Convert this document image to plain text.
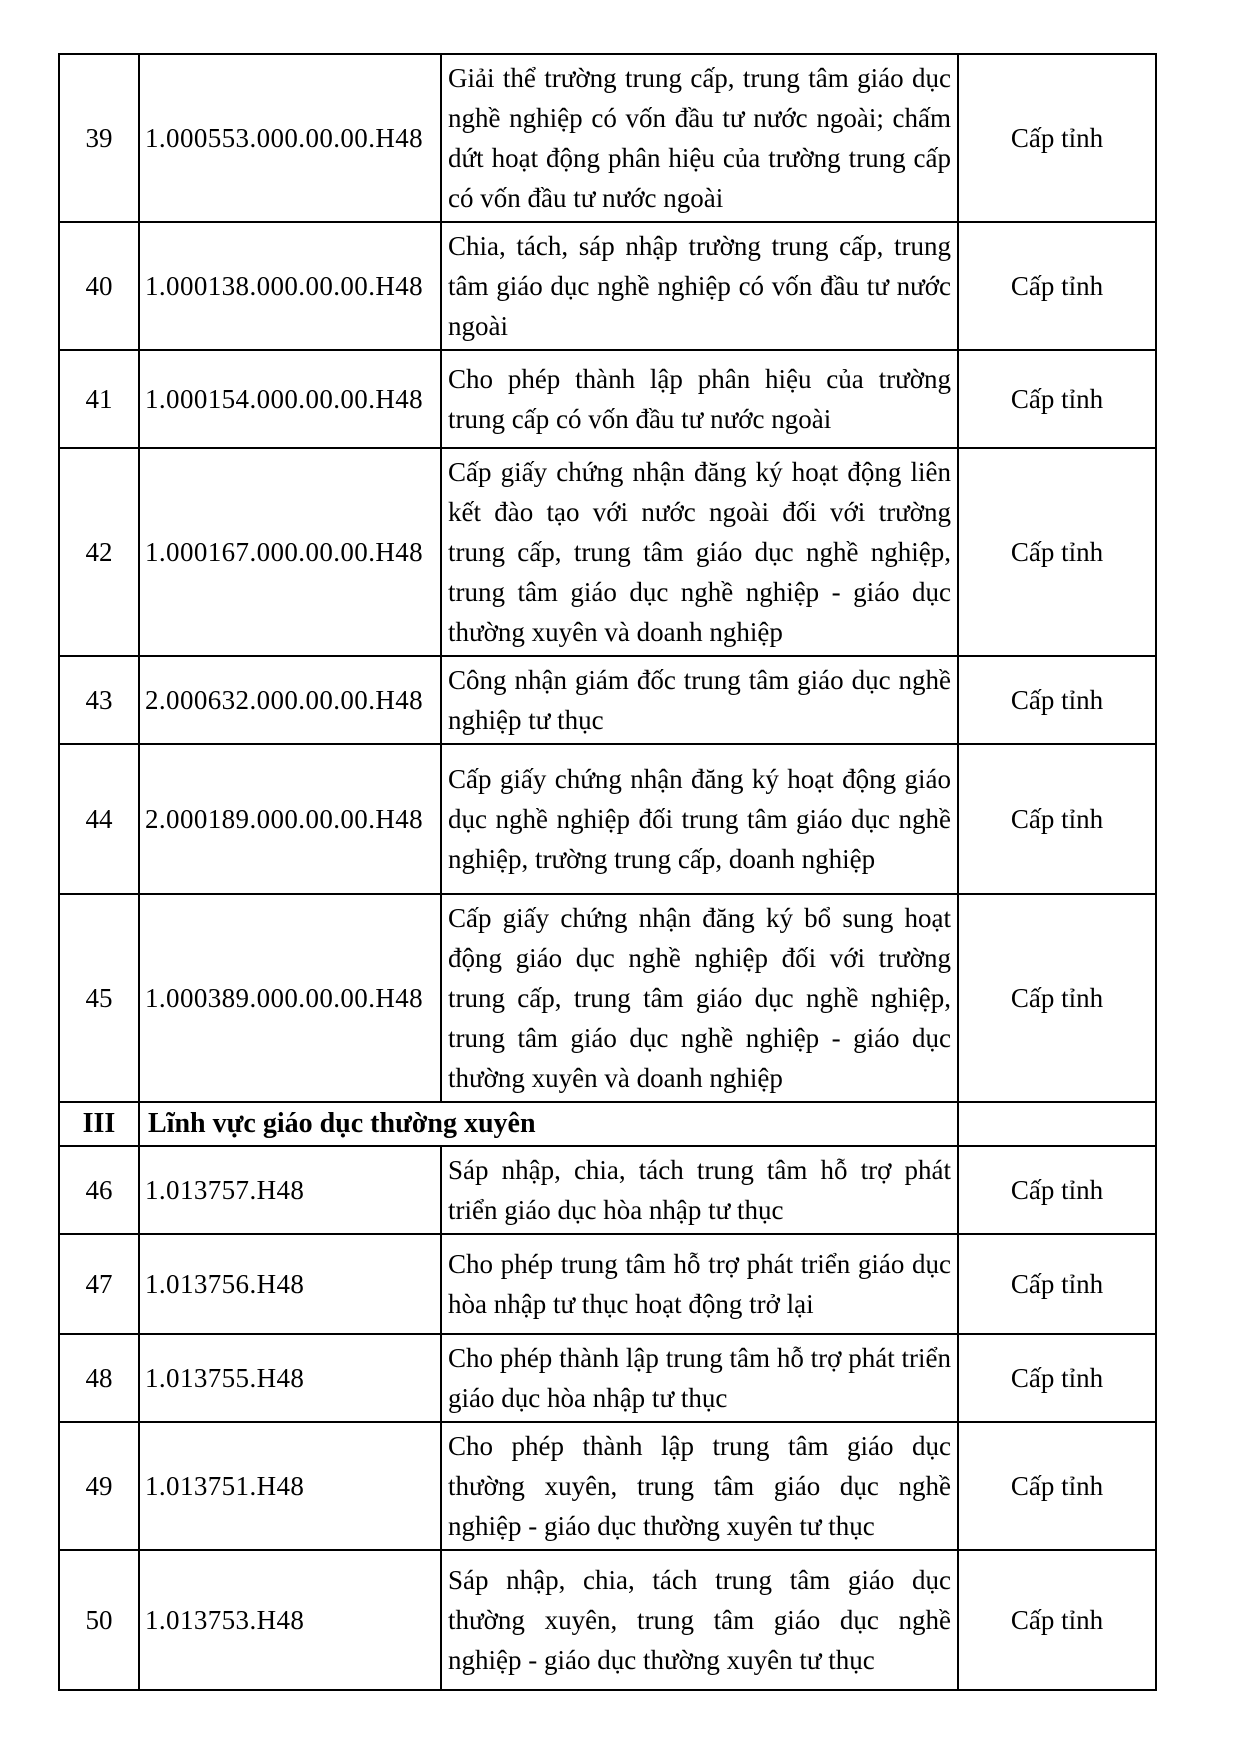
39	1.000553.000.00.00.H48	Giải thể trường trung cấp, trung tâm giáo dục nghề nghiệp có vốn đầu tư nước ngoài; chấm dứt hoạt động phân hiệu của trường trung cấp có vốn đầu tư nước ngoài	Cấp tỉnh
40	1.000138.000.00.00.H48	Chia, tách, sáp nhập trường trung cấp, trung tâm giáo dục nghề nghiệp có vốn đầu tư nước ngoài	Cấp tỉnh
41	1.000154.000.00.00.H48	Cho phép thành lập phân hiệu của trường trung cấp có vốn đầu tư nước ngoài	Cấp tỉnh
42	1.000167.000.00.00.H48	Cấp giấy chứng nhận đăng ký hoạt động liên kết đào tạo với nước ngoài đối với trường trung cấp, trung tâm giáo dục nghề nghiệp, trung tâm giáo dục nghề nghiệp - giáo dục thường xuyên và doanh nghiệp	Cấp tỉnh
43	2.000632.000.00.00.H48	Công nhận giám đốc trung tâm giáo dục nghề nghiệp tư thục	Cấp tỉnh
44	2.000189.000.00.00.H48	Cấp giấy chứng nhận đăng ký hoạt động giáo dục nghề nghiệp đối trung tâm giáo dục nghề nghiệp, trường trung cấp, doanh nghiệp	Cấp tỉnh
45	1.000389.000.00.00.H48	Cấp giấy chứng nhận đăng ký bổ sung hoạt động giáo dục nghề nghiệp đối với trường trung cấp, trung tâm giáo dục nghề nghiệp, trung tâm giáo dục nghề nghiệp - giáo dục thường xuyên và doanh nghiệp	Cấp tỉnh
III	Lĩnh vực giáo dục thường xuyên		
46	1.013757.H48	Sáp nhập, chia, tách trung tâm hỗ trợ phát triển giáo dục hòa nhập tư thục	Cấp tỉnh
47	1.013756.H48	Cho phép trung tâm hỗ trợ phát triển giáo dục hòa nhập tư thục hoạt động trở lại	Cấp tỉnh
48	1.013755.H48	Cho phép thành lập trung tâm hỗ trợ phát triển giáo dục hòa nhập tư thục	Cấp tỉnh
49	1.013751.H48	Cho phép thành lập trung tâm giáo dục thường xuyên, trung tâm giáo dục nghề nghiệp - giáo dục thường xuyên tư thục	Cấp tỉnh
50	1.013753.H48	Sáp nhập, chia, tách trung tâm giáo dục thường xuyên, trung tâm giáo dục nghề nghiệp - giáo dục thường xuyên tư thục	Cấp tỉnh
